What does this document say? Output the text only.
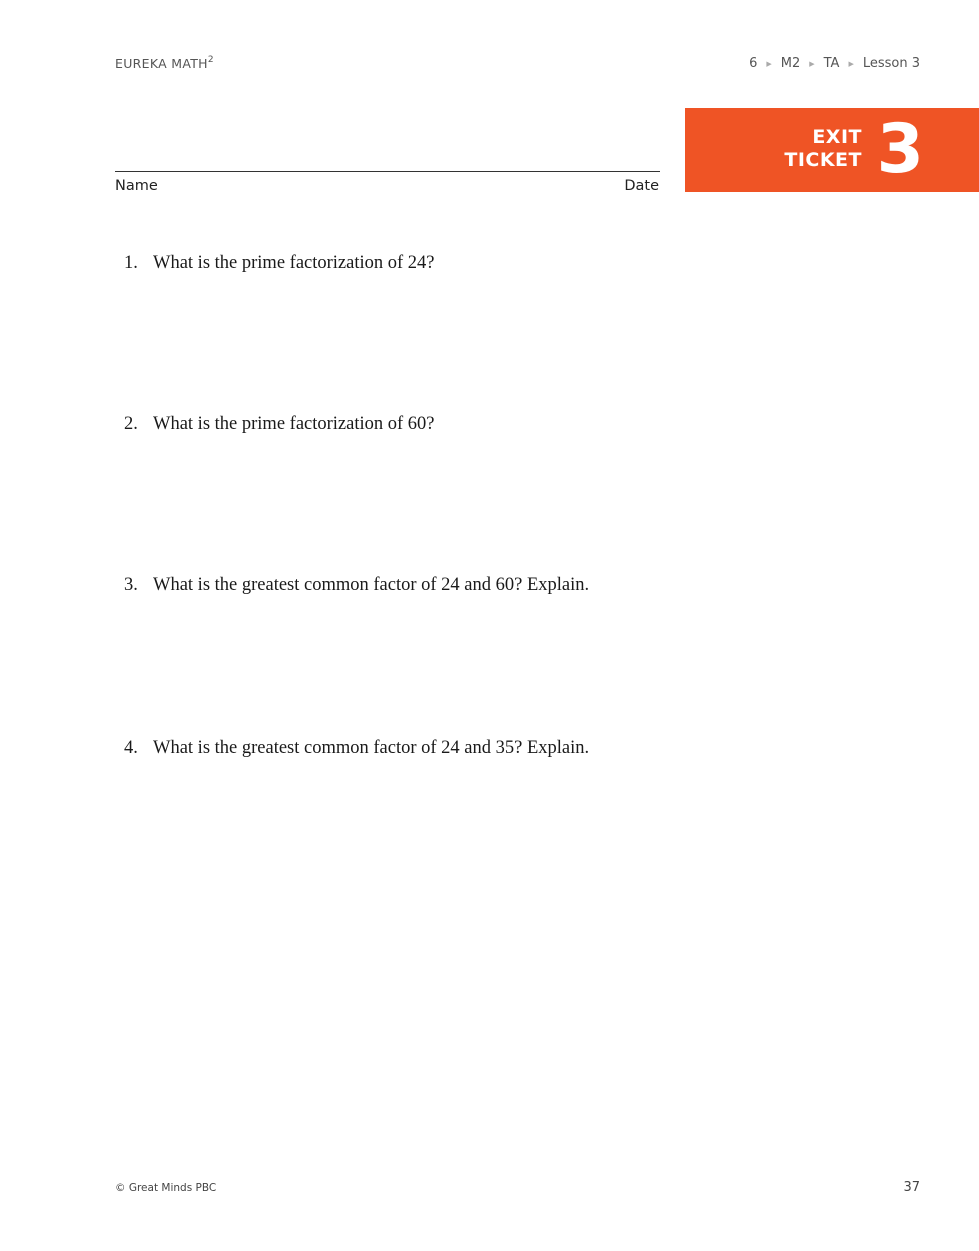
EUREKA MATH$^2$	6 ▶ M2 ▶ TA ▶ Lesson 3
EXIT
TICKET 3
Name	Date
1. What is the prime factorization of 24?
2. What is the prime factorization of 60?
3. What is the greatest common factor of 24 and 60? Explain.
4. What is the greatest common factor of 24 and 35? Explain.
© Great Minds PBC	37
